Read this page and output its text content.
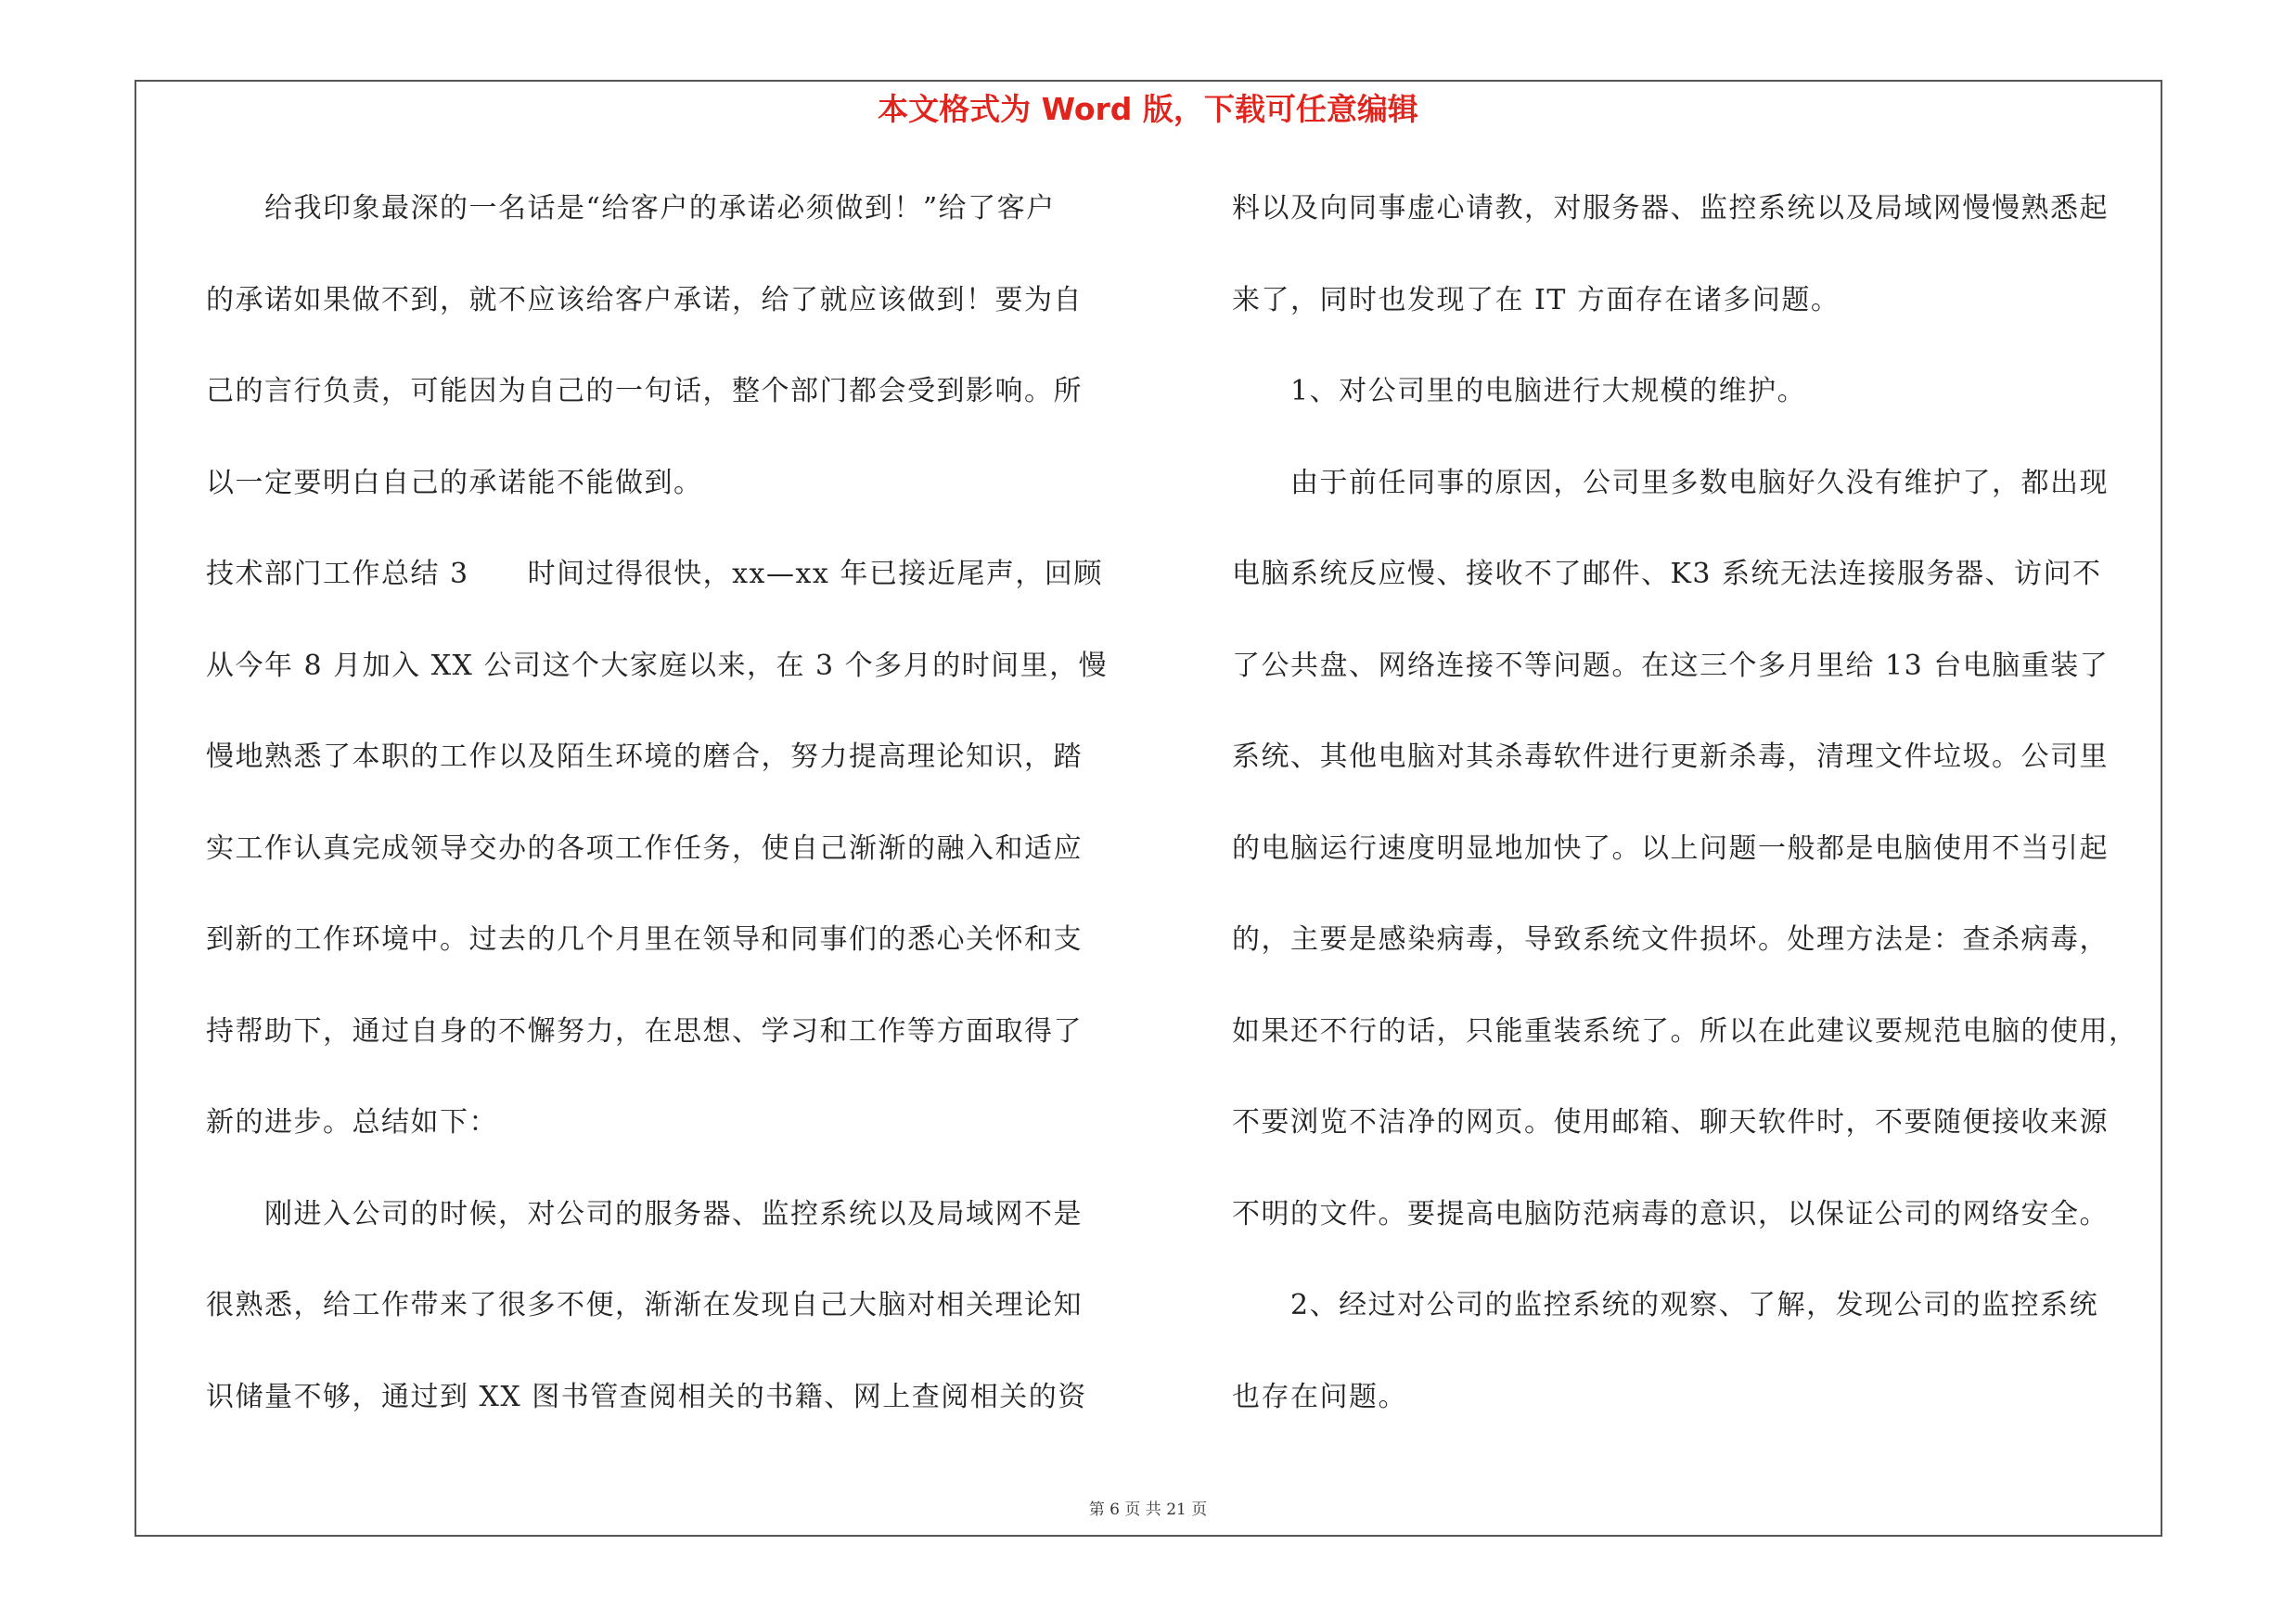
本文格式为 Word 版，下载可任意编辑

　　给我印象最深的一名话是“给客户的承诺必须做到！”给了客户

的承诺如果做不到，就不应该给客户承诺，给了就应该做到！要为自

己的言行负责，可能因为自己的一句话，整个部门都会受到影响。所

以一定要明白自己的承诺能不能做到。

技术部门工作总结 3　　时间过得很快，xx—xx 年已接近尾声，回顾

从今年 8 月加入 XX 公司这个大家庭以来，在 3 个多月的时间里，慢

慢地熟悉了本职的工作以及陌生环境的磨合，努力提高理论知识，踏

实工作认真完成领导交办的各项工作任务，使自己渐渐的融入和适应

到新的工作环境中。过去的几个月里在领导和同事们的悉心关怀和支

持帮助下，通过自身的不懈努力，在思想、学习和工作等方面取得了

新的进步。总结如下：

　　刚进入公司的时候，对公司的服务器、监控系统以及局域网不是

很熟悉，给工作带来了很多不便，渐渐在发现自己大脑对相关理论知

识储量不够，通过到 XX 图书管查阅相关的书籍、网上查阅相关的资

料以及向同事虚心请教，对服务器、监控系统以及局域网慢慢熟悉起

来了，同时也发现了在 IT 方面存在诸多问题。

　　1、对公司里的电脑进行大规模的维护。

　　由于前任同事的原因，公司里多数电脑好久没有维护了，都出现

电脑系统反应慢、接收不了邮件、K3 系统无法连接服务器、访问不

了公共盘、网络连接不等问题。在这三个多月里给 13 台电脑重装了

系统、其他电脑对其杀毒软件进行更新杀毒，清理文件垃圾。公司里

的电脑运行速度明显地加快了。以上问题一般都是电脑使用不当引起

的，主要是感染病毒，导致系统文件损坏。处理方法是：查杀病毒，

如果还不行的话，只能重装系统了。所以在此建议要规范电脑的使用，

不要浏览不洁净的网页。使用邮箱、聊天软件时，不要随便接收来源

不明的文件。要提高电脑防范病毒的意识，以保证公司的网络安全。

　　2、经过对公司的监控系统的观察、了解，发现公司的监控系统

也存在问题。

第 6 页 共 21 页
